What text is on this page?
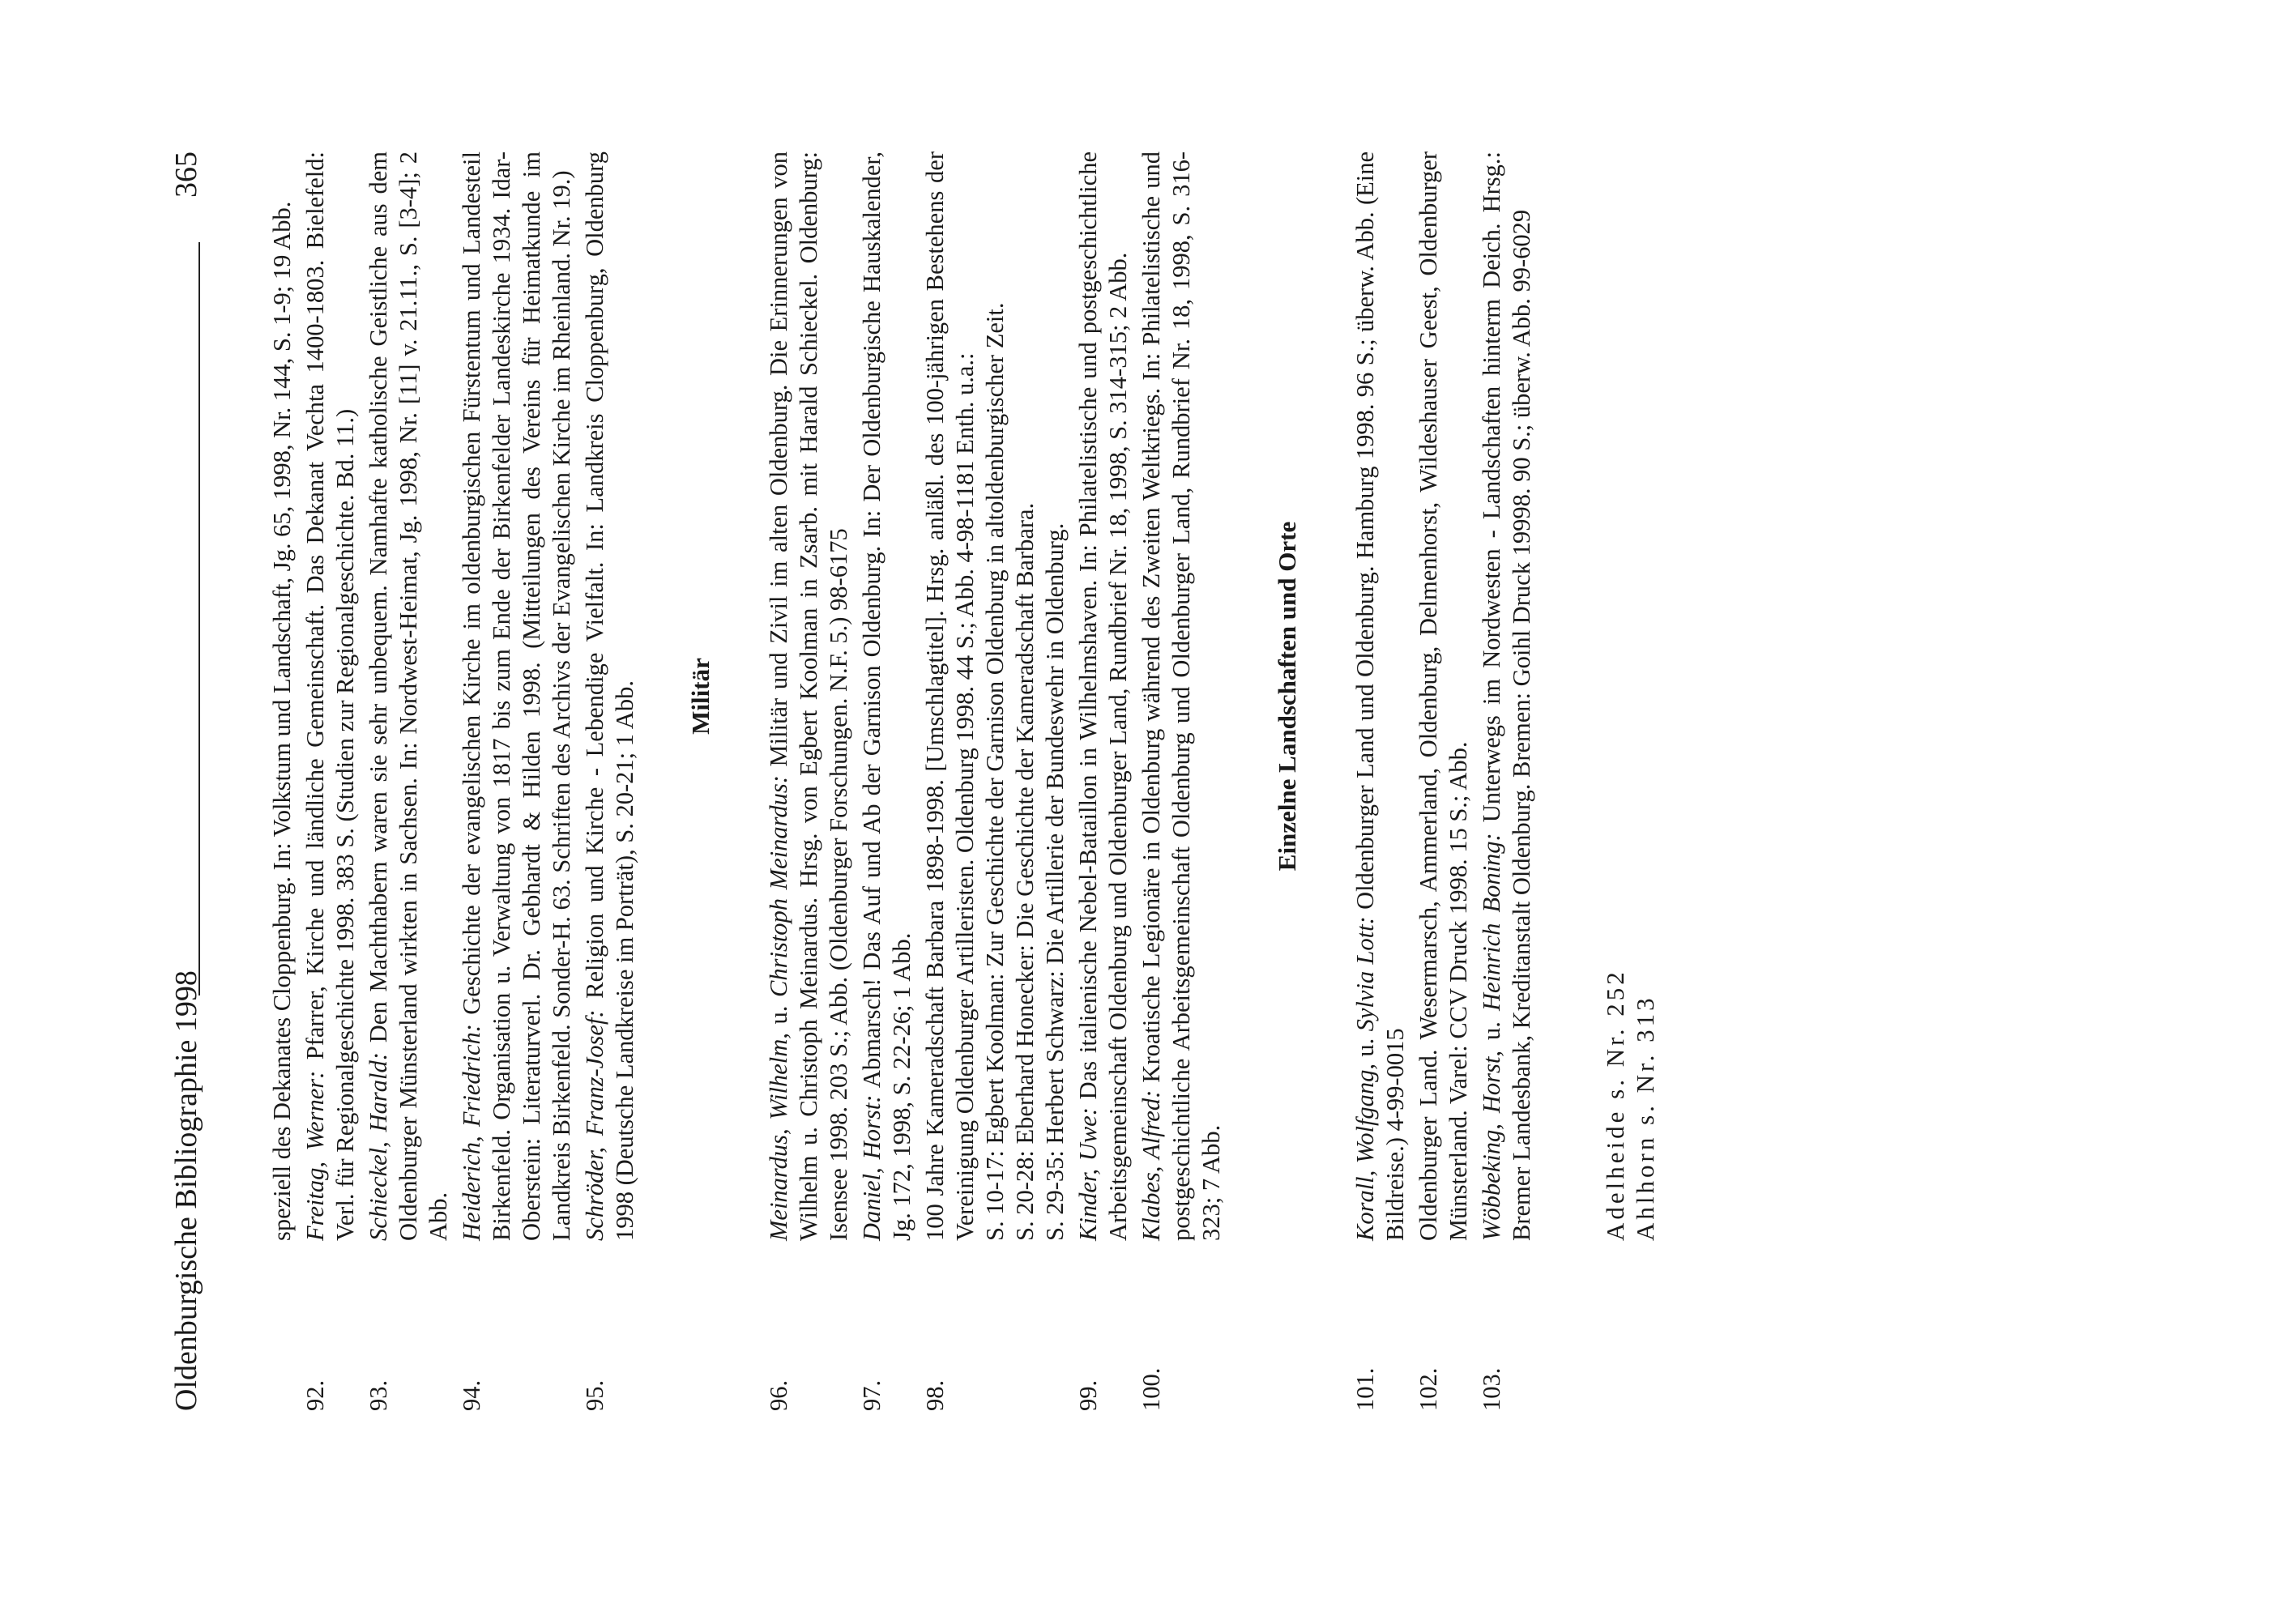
Oldenburgische Bibliographie 1998
365
speziell des Dekanates Cloppenburg. In: Volkstum und Landschaft, Jg. 65, 1998, Nr. 144, S. 1-9; 19 Abb.
92.
Freitag, Werner: Pfarrer, Kirche und ländliche Gemeinschaft. Das Dekanat Vechta 1400-1803. Bielefeld: Verl. für Regionalgeschichte 1998. 383 S. (Studien zur Regionalgeschichte. Bd. 11.)
93.
Schieckel, Harald: Den Machthabern waren sie sehr unbequem. Namhafte katholische Geistliche aus dem Oldenburger Münsterland wirkten in Sachsen. In: Nordwest-Heimat, Jg. 1998, Nr. [11] v. 21.11., S. [3-4]; 2 Abb.
94.
Heiderich, Friedrich: Geschichte der evangelischen Kirche im oldenburgischen Fürstentum und Landesteil Birkenfeld. Organisation u. Verwaltung von 1817 bis zum Ende der Birkenfelder Landeskirche 1934. Idar-Oberstein: Literaturverl. Dr. Gebhardt & Hilden 1998. (Mitteilungen des Vereins für Heimatkunde im Landkreis Birkenfeld. Sonder-H. 63. Schriften des Archivs der Evangelischen Kirche im Rheinland. Nr. 19.)
95.
Schröder, Franz-Josef: Religion und Kirche - Lebendige Vielfalt. In: Landkreis Cloppenburg, Oldenburg 1998 (Deutsche Landkreise im Porträt), S. 20-21; 1 Abb. Militär
96.
Meinardus, Wilhelm, u. Christoph Meinardus: Militär und Zivil im alten Oldenburg. Die Erinnerungen von Wilhelm u. Christoph Meinardus. Hrsg. von Egbert Koolman in Zsarb. mit Harald Schieckel. Oldenburg: Isensee 1998. 203 S.; Abb. (Oldenburger Forschungen. N.F. 5.) 98-6175
97.
Daniel, Horst: Abmarsch! Das Auf und Ab der Garnison Oldenburg. In: Der Oldenburgische Hauskalender, Jg. 172, 1998, S. 22-26; 1 Abb.
98.
100 Jahre Kameradschaft Barbara 1898-1998. [Umschlagtitel]. Hrsg. anläßl. des 100-jährigen Bestehens der Vereinigung Oldenburger Artilleristen. Oldenburg 1998. 44 S.; Abb. 4-98-1181 Enth. u.a.: S. 10-17: Egbert Koolman: Zur Geschichte der Garnison Oldenburg in altoldenburgischer Zeit. S. 20-28: Eberhard Honecker: Die Geschichte der Kameradschaft Barbara. S. 29-35: Herbert Schwarz: Die Artillerie der Bundeswehr in Oldenburg.
99.
Kinder, Uwe: Das italienische Nebel-Bataillon in Wilhelmshaven. In: Philatelistische und postgeschichtliche Arbeitsgemeinschaft Oldenburg und Oldenburger Land, Rundbrief Nr. 18, 1998, S. 314-315; 2 Abb.
100.
Klabes, Alfred: Kroatische Legionäre in Oldenburg während des Zweiten Weltkriegs. In: Philatelistische und postgeschichtliche Arbeitsgemeinschaft Oldenburg und Oldenburger Land, Rundbrief Nr. 18, 1998, S. 316-323; 7 Abb.
Einzelne Landschaften und Orte
101.
Korall, Wolfgang, u. Sylvia Lott: Oldenburger Land und Oldenburg. Hamburg 1998. 96 S.; überw. Abb. (Eine Bildreise.) 4-99-0015
102.
Oldenburger Land. Wesermarsch, Ammerland, Oldenburg, Delmenhorst, Wildeshauser Geest, Oldenburger Münsterland. Varel: CCV Druck 1998. 15 S.; Abb.
103.
Wöbbeking, Horst, u. Heinrich Boning: Unterwegs im Nordwesten - Landschaften hinterm Deich. Hrsg.: Bremer Landesbank, Kreditanstalt Oldenburg. Bremen: Goihl Druck 19998. 90 S.; überw. Abb. 99-6029	Adelheide s. Nr. 252 Ahlhorn s. Nr. 313
